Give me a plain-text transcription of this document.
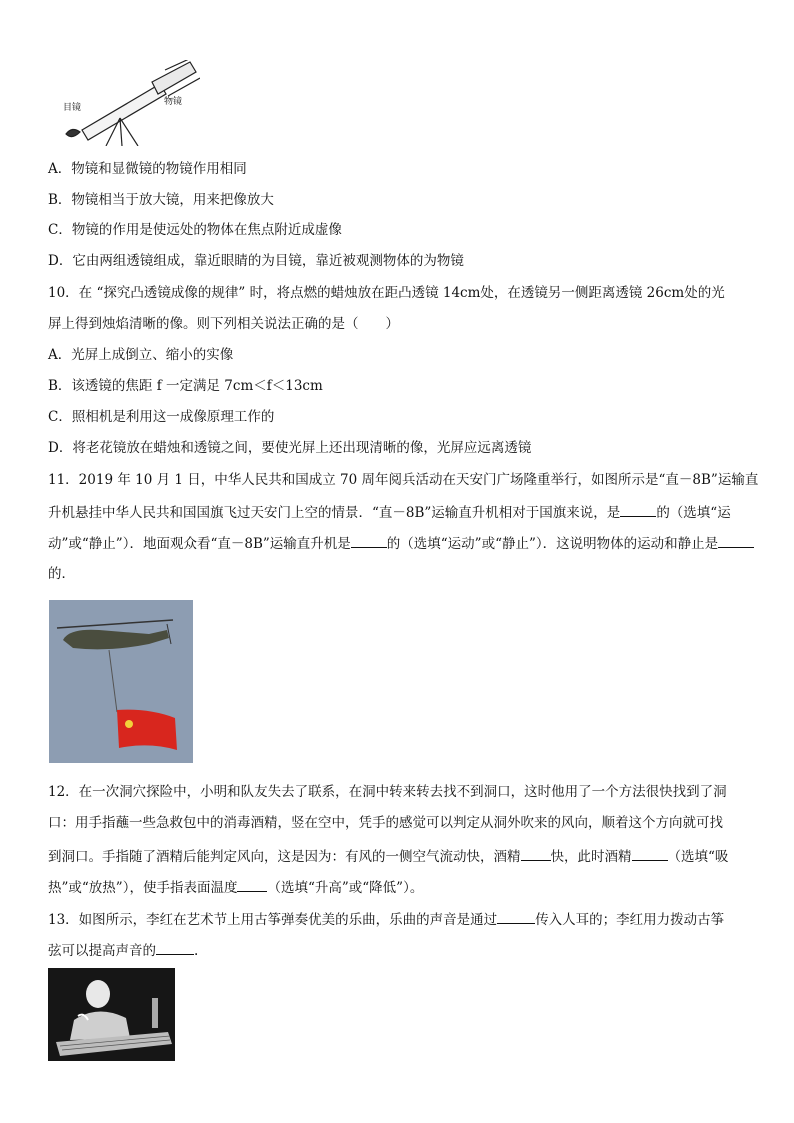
目镜
物镜
A．物镜和显微镜的物镜作用相同
B．物镜相当于放大镜，用来把像放大
C．物镜的作用是使远处的物体在焦点附近成虚像
D．它由两组透镜组成，靠近眼睛的为目镜，靠近被观测物体的为物镜
10．在 “探究凸透镜成像的规律” 时，将点燃的蜡烛放在距凸透镜 14cm处，在透镜另一侧距离透镜 26cm处的光
屏上得到烛焰清晰的像。则下列相关说法正确的是（　　）
A．光屏上成倒立、缩小的实像
B．该透镜的焦距 f 一定满足 7cm＜f＜13cm
C．照相机是利用这一成像原理工作的
D．将老花镜放在蜡烛和透镜之间，要使光屏上还出现清晰的像，光屏应远离透镜
11．2019 年 10 月 1 日，中华人民共和国成立 70 周年阅兵活动在天安门广场隆重举行，如图所示是“直－8B”运输直
升机悬挂中华人民共和国国旗飞过天安门上空的情景．“直－8B”运输直升机相对于国旗来说，是	的（选填“运
动”或“静止”）．地面观众看“直－8B”运输直升机是	的（选填“运动”或“静止”）．这说明物体的运动和静止是
的．
12．在一次洞穴探险中，小明和队友失去了联系，在洞中转来转去找不到洞口，这时他用了一个方法很快找到了洞
口：用手指蘸一些急救包中的消毒酒精，竖在空中，凭手的感觉可以判定从洞外吹来的风向，顺着这个方向就可找
到洞口。手指随了酒精后能判定风向，这是因为：有风的一侧空气流动快，酒精 快，此时酒精	（选填“吸
热”或“放热”），使手指表面温度 （选填“升高”或“降低”）。
13．如图所示，李红在艺术节上用古筝弹奏优美的乐曲，乐曲的声音是通过	传入人耳的；李红用力拨动古筝
弦可以提高声音的	.
